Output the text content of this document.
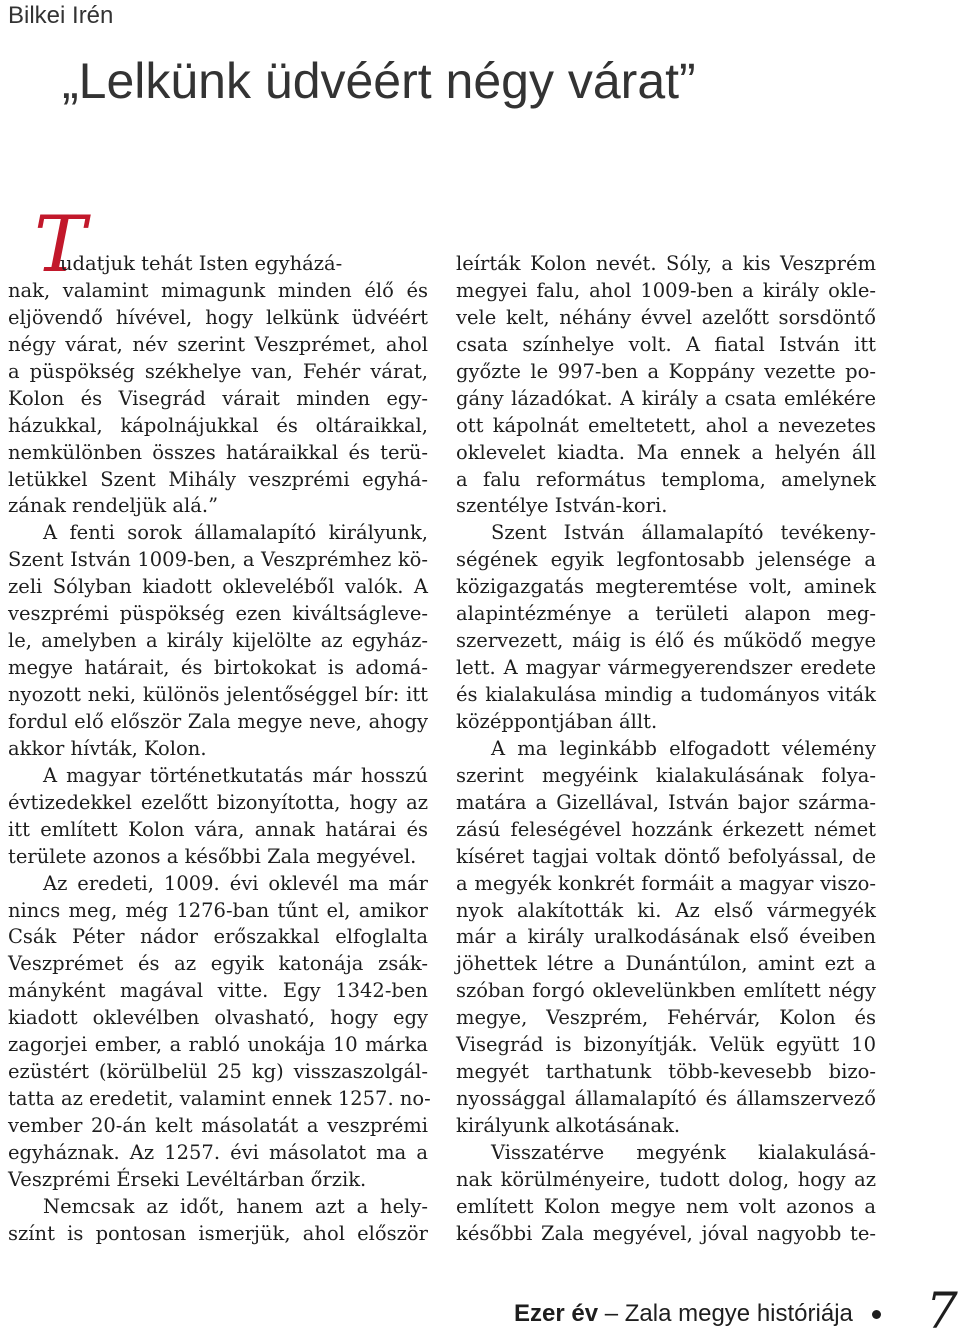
Bilkei Irén
„Lelkünk üdvéért négy várat”
T
udatjuk tehát Isten egyházá-
nak, valamint mimagunk minden élő és
eljövendő hívével, hogy lelkünk üdvéért
négy várat, név szerint Veszprémet, ahol
a püspökség székhelye van, Fehér várat,
Kolon és Visegrád várait minden egy-
házukkal, kápolnájukkal és oltáraikkal,
nemkülönben összes határaikkal és terü-
letükkel Szent Mihály veszprémi egyhá-
zának rendeljük alá.”
A fenti sorok államalapító királyunk,
Szent István 1009-ben, a Veszprémhez kö-
zeli Sólyban kiadott okleveléből valók. A
veszprémi püspökség ezen kiváltságleve-
le, amelyben a király kijelölte az egyház-
megye határait, és birtokokat is adomá-
nyozott neki, különös jelentőséggel bír: itt
fordul elő először Zala megye neve, ahogy
akkor hívták, Kolon.
A magyar történetkutatás már hosszú
évtizedekkel ezelőtt bizonyította, hogy az
itt említett Kolon vára, annak határai és
területe azonos a későbbi Zala megyével.
Az eredeti, 1009. évi oklevél ma már
nincs meg, még 1276-ban tűnt el, amikor
Csák Péter nádor erőszakkal elfoglalta
Veszprémet és az egyik katonája zsák-
mányként magával vitte. Egy 1342-ben
kiadott oklevélben olvasható, hogy egy
zagorjei ember, a rabló unokája 10 márka
ezüstért (körülbelül 25 kg) visszaszolgál-
tatta az eredetit, valamint ennek 1257. no-
vember 20-án kelt másolatát a veszprémi
egyháznak. Az 1257. évi másolatot ma a
Veszprémi Érseki Levéltárban őrzik.
Nemcsak az időt, hanem azt a hely-
színt is pontosan ismerjük, ahol először
leírták Kolon nevét. Sóly, a kis Veszprém
megyei falu, ahol 1009-ben a király okle-
vele kelt, néhány évvel azelőtt sorsdöntő
csata színhelye volt. A fiatal István itt
győzte le 997-ben a Koppány vezette po-
gány lázadókat. A király a csata emlékére
ott kápolnát emeltetett, ahol a nevezetes
oklevelet kiadta. Ma ennek a helyén áll
a falu református temploma, amelynek
szentélye István-kori.
Szent István államalapító tevékeny-
ségének egyik legfontosabb jelensége a
közigazgatás megteremtése volt, aminek
alapintézménye a területi alapon meg-
szervezett, máig is élő és működő megye
lett. A magyar vármegyerendszer eredete
és kialakulása mindig a tudományos viták
középpontjában állt.
A ma leginkább elfogadott vélemény
szerint megyéink kialakulásának folya-
matára a Gizellával, István bajor szárma-
zású feleségével hozzánk érkezett német
kíséret tagjai voltak döntő befolyással, de
a megyék konkrét formáit a magyar viszo-
nyok alakították ki. Az első vármegyék
már a király uralkodásának első éveiben
jöhettek létre a Dunántúlon, amint ezt a
szóban forgó oklevelünkben említett négy
megye, Veszprém, Fehérvár, Kolon és
Visegrád is bizonyítják. Velük együtt 10
megyét tarthatunk több-kevesebb bizo-
nyossággal államalapító és államszervező
királyunk alkotásának.
Visszatérve megyénk kialakulásá-
nak körülményeire, tudott dolog, hogy az
említett Kolon megye nem volt azonos a
későbbi Zala megyével, jóval nagyobb te-
Ezer év – Zala megye históriája	7
